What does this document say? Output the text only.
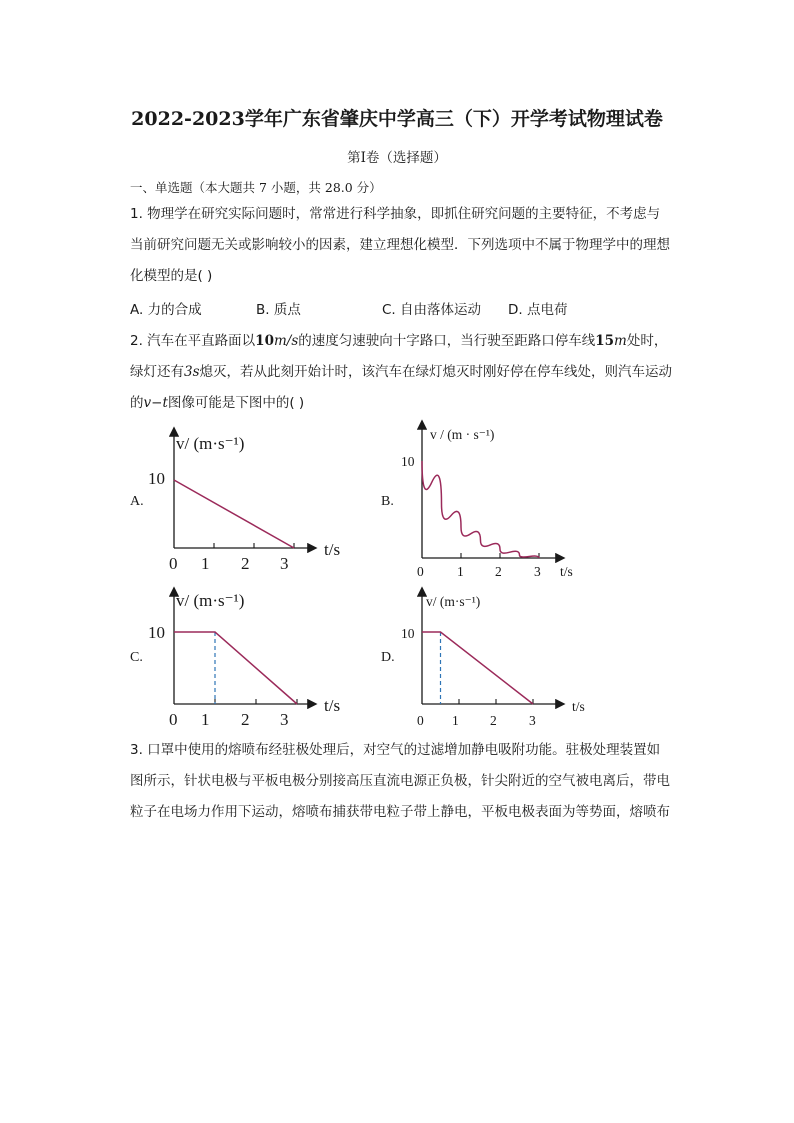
2022-2023学年广东省肇庆中学高三（下）开学考试物理试卷
第I卷（选择题）
一、单选题（本大题共 7 小题，共 28.0 分）
1. 物理学在研究实际问题时，常常进行科学抽象，即抓住研究问题的主要特征，不考虑与
当前研究问题无关或影响较小的因素，建立理想化模型．下列选项中不属于物理学中的理想
化模型的是( )
A. 力的合成	B. 质点	C. 自由落体运动 D. 点电荷
2. 汽车在平直路面以10m/s的速度匀速驶向十字路口，当行驶至距路口停车线15m处时，
绿灯还有3s熄灭，若从此刻开始计时，该汽车在绿灯熄灭时刚好停在停车线处，则汽车运动
的v−t图像可能是下图中的( )
A.	B.
C.	D.
v/ (m·s⁻¹)
10
t/s
0 1 2 3
v / (m · s⁻¹)
10
t/s
0 1 2 3
v/ (m·s⁻¹)
10
t/s
0 1 2 3
v/ (m·s⁻¹)
10
t/s
0 1 2 3
3. 口罩中使用的熔喷布经驻极处理后，对空气的过滤增加静电吸附功能。驻极处理装置如
图所示，针状电极与平板电极分别接高压直流电源正负极，针尖附近的空气被电离后，带电
粒子在电场力作用下运动，熔喷布捕获带电粒子带上静电，平板电极表面为等势面，熔喷布
